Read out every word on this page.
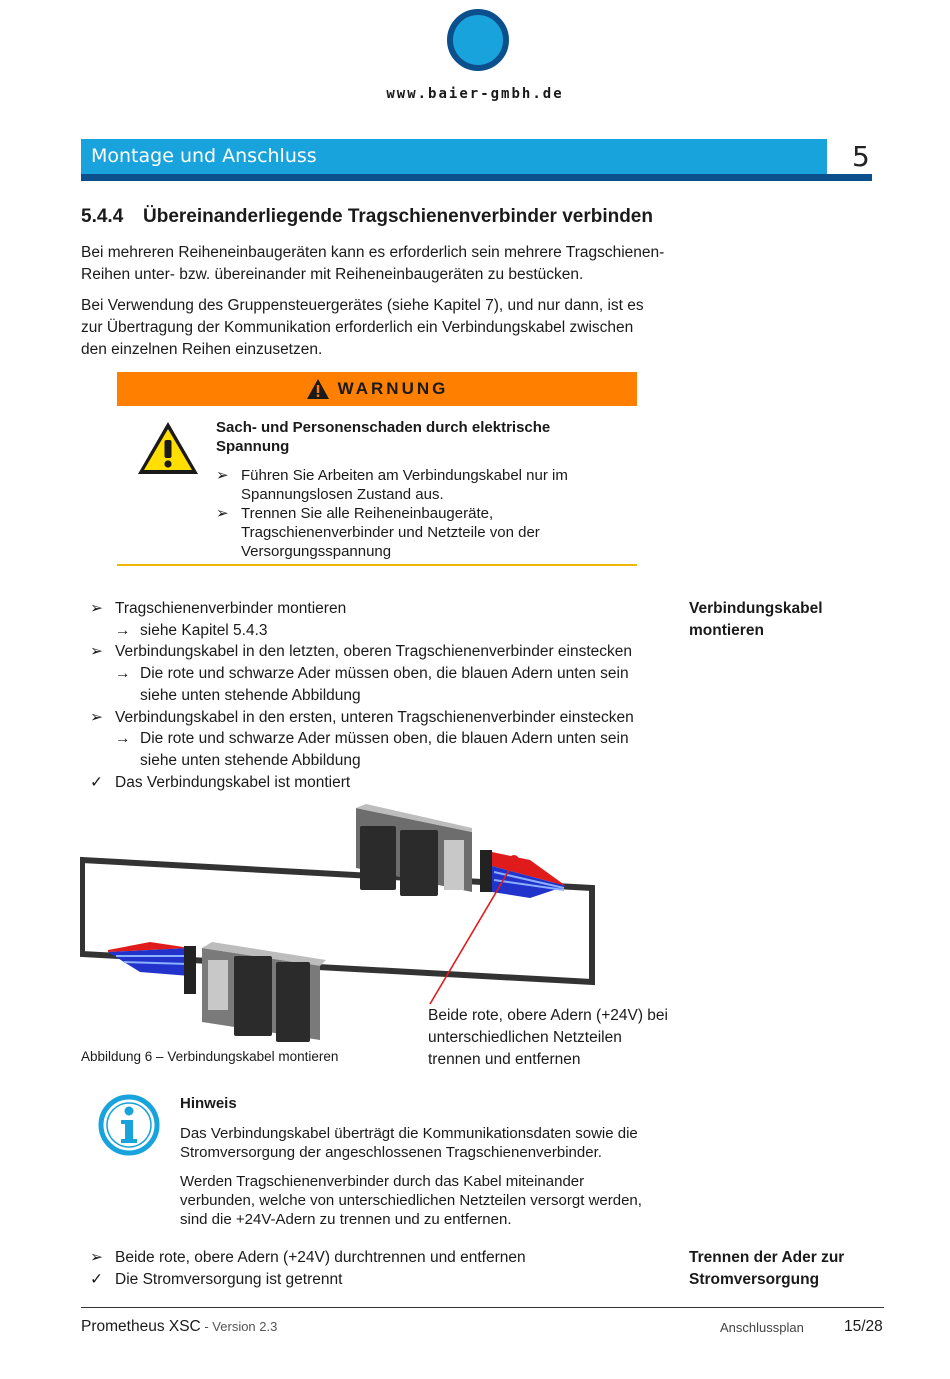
www.baier-gmbh.de
Montage und Anschluss	5
5.4.4 Übereinanderliegende Tragschienenverbinder verbinden
Bei mehreren Reiheneinbaugeräten kann es erforderlich sein mehrere Tragschienen-
Reihen unter- bzw. übereinander mit Reiheneinbaugeräten zu bestücken.
Bei Verwendung des Gruppensteuergerätes (siehe Kapitel 7), und nur dann, ist es
zur Übertragung der Kommunikation erforderlich ein Verbindungskabel zwischen
den einzelnen Reihen einzusetzen.
WARNUNG
Sach- und Personenschaden durch elektrische
Spannung
➢ Führen Sie Arbeiten am Verbindungskabel nur im
Spannungslosen Zustand aus.
➢ Trennen Sie alle Reiheneinbaugeräte,
Tragschienenverbinder und Netzteile von der
Versorgungsspannung
➢ Tragschienenverbinder montieren
→ siehe Kapitel 5.4.3
➢ Verbindungskabel in den letzten, oberen Tragschienenverbinder einstecken
→ Die rote und schwarze Ader müssen oben, die blauen Adern unten sein
siehe unten stehende Abbildung
➢ Verbindungskabel in den ersten, unteren Tragschienenverbinder einstecken
→ Die rote und schwarze Ader müssen oben, die blauen Adern unten sein
siehe unten stehende Abbildung
✓ Das Verbindungskabel ist montiert
Verbindungskabel
montieren
Abbildung 6 – Verbindungskabel montieren
Beide rote, obere Adern (+24V) bei
unterschiedlichen Netzteilen
trennen und entfernen
Hinweis
Das Verbindungskabel überträgt die Kommunikationsdaten sowie die
Stromversorgung der angeschlossenen Tragschienenverbinder.
Werden Tragschienenverbinder durch das Kabel miteinander
verbunden, welche von unterschiedlichen Netzteilen versorgt werden,
sind die +24V-Adern zu trennen und zu entfernen.
➢ Beide rote, obere Adern (+24V) durchtrennen und entfernen
✓ Die Stromversorgung ist getrennt
Trennen der Ader zur
Stromversorgung
Prometheus XSC - Version 2.3	Anschlussplan	15/28
